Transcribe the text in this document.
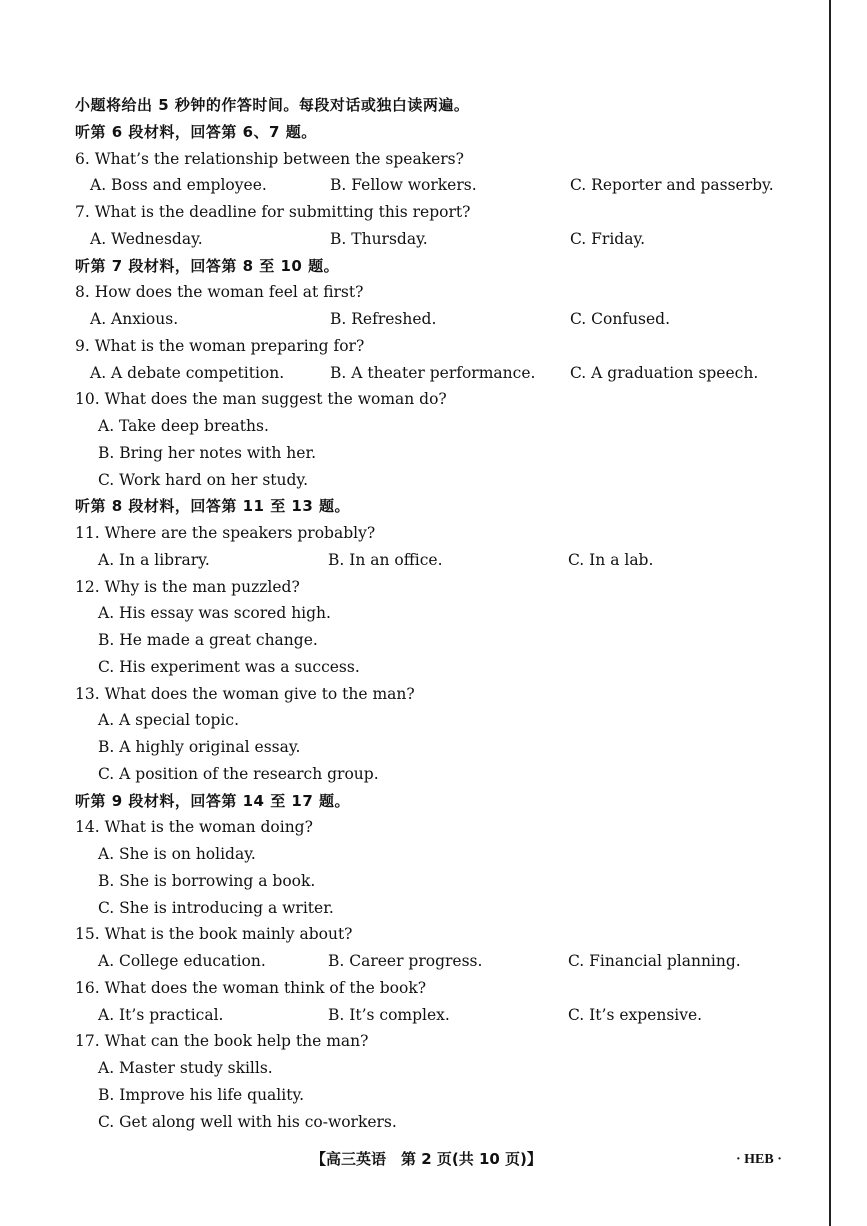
小题将给出 5 秒钟的作答时间。每段对话或独白读两遍。
听第 6 段材料，回答第 6、7 题。
6. What’s the relationship between the speakers?
A. Boss and employee.	B. Fellow workers.	C. Reporter and passerby.
7. What is the deadline for submitting this report?
A. Wednesday.	B. Thursday.	C. Friday.
听第 7 段材料，回答第 8 至 10 题。
8. How does the woman feel at first?
A. Anxious.	B. Refreshed.	C. Confused.
9. What is the woman preparing for?
A. A debate competition.	B. A theater performance. C. A graduation speech.
10. What does the man suggest the woman do?
A. Take deep breaths.
B. Bring her notes with her.
C. Work hard on her study.
听第 8 段材料，回答第 11 至 13 题。
11. Where are the speakers probably?
A. In a library.	B. In an office.	C. In a lab.
12. Why is the man puzzled?
A. His essay was scored high.
B. He made a great change.
C. His experiment was a success.
13. What does the woman give to the man?
A. A special topic.
B. A highly original essay.
C. A position of the research group.
听第 9 段材料，回答第 14 至 17 题。
14. What is the woman doing?
A. She is on holiday.
B. She is borrowing a book.
C. She is introducing a writer.
15. What is the book mainly about?
A. College education.	B. Career progress.	C. Financial planning.
16. What does the woman think of the book?
A. It’s practical.	B. It’s complex.	C. It’s expensive.
17. What can the book help the man?
A. Master study skills.
B. Improve his life quality.
C. Get along well with his co-workers.
【高三英语　第 2 页(共 10 页)】	· HEB ·
